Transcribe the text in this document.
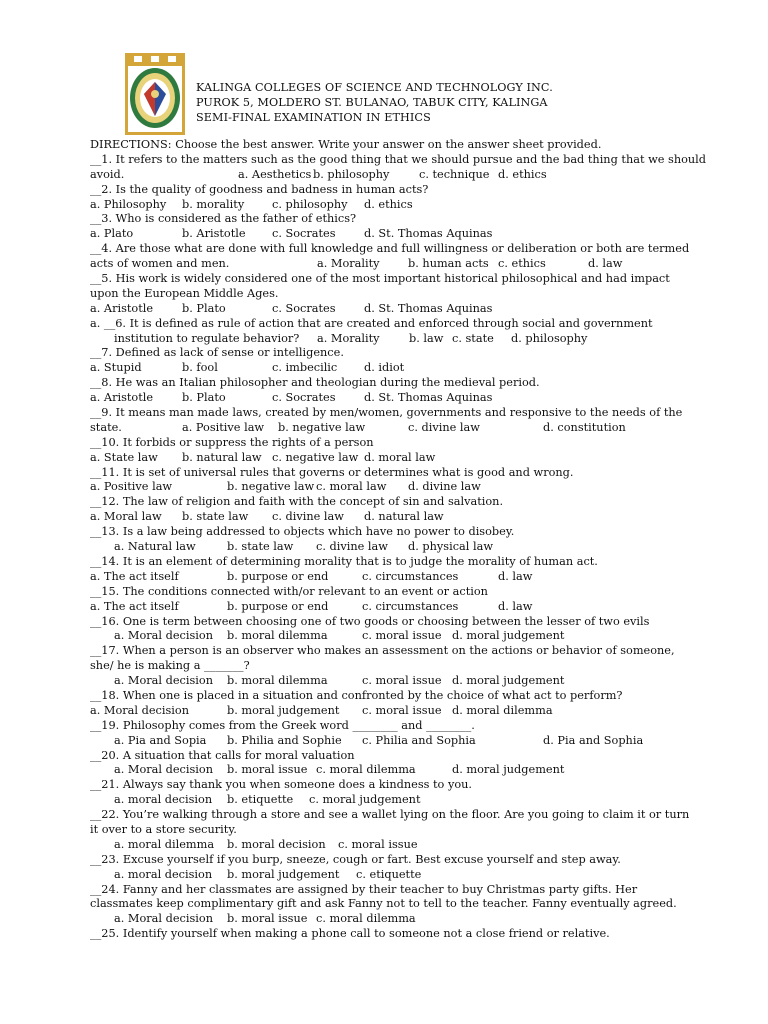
KALINGA COLLEGES OF SCIENCE AND TECHNOLOGY INC.
PUROK 5, MOLDERO ST. BULANAO, TABUK CITY, KALINGA
SEMI-FINAL EXAMINATION IN ETHICS
DIRECTIONS: Choose the best answer. Write your answer on the answer sheet provided.
__1. It refers to the matters such as the good thing that we should pursue and the bad thing that we should
avoid.	a. Aesthetics b. philosophy	c. technique d. ethics
__2. Is the quality of goodness and badness in human acts?
a. Philosophy b. morality c. philosophy d. ethics
__3. Who is considered as the father of ethics?
a. Plato	b. Aristotle c. Socrates	d. St. Thomas Aquinas
__4. Are those what are done with full knowledge and full willingness or deliberation or both are termed
acts of women and men.	a. Morality	b. human acts c. ethics	d. law
__5. His work is widely considered one of the most important historical philosophical and had impact
upon the European Middle Ages.
a. Aristotle	b. Plato	c. Socrates	d. St. Thomas Aquinas
a. __6. It is defined as rule of action that are created and enforced through social and government
institution to regulate behavior? a. Morality	b. law c. state d. philosophy
__7. Defined as lack of sense or intelligence.
a. Stupid	b. fool	c. imbecilic d. idiot
__8. He was an Italian philosopher and theologian during the medieval period.
a. Aristotle	b. Plato	c. Socrates	d. St. Thomas Aquinas
__9. It means man made laws, created by men/women, governments and responsive to the needs of the
state.	a. Positive law b. negative law	c. divine law	d. constitution
__10. It forbids or suppress the rights of a person
a. State law b. natural law c. negative law d. moral law
__11. It is set of universal rules that governs or determines what is good and wrong.
a. Positive law	b. negative law c. moral law d. divine law
__12. The law of religion and faith with the concept of sin and salvation.
a. Moral law b. state law c. divine law d. natural law
__13. Is a law being addressed to objects which have no power to disobey.
a. Natural law	b. state law c. divine law d. physical law
__14. It is an element of determining morality that is to judge the morality of human act.
a. The act itself	b. purpose or end	c. circumstances	d. law
__15. The conditions connected with/or relevant to an event or action
a. The act itself	b. purpose or end	c. circumstances	d. law
__16. One is term between choosing one of two goods or choosing between the lesser of two evils
a. Moral decision b. moral dilemma	c. moral issue d. moral judgement
__17. When a person is an observer who makes an assessment on the actions or behavior of someone,
she/ he is making a _______?
a. Moral decision b. moral dilemma	c. moral issue d. moral judgement
__18. When one is placed in a situation and confronted by the choice of what act to perform?
a. Moral decision	b. moral judgement c. moral issue d. moral dilemma
__19. Philosophy comes from the Greek word ________ and ________.
a. Pia and Sopia b. Philia and Sophie c. Philia and Sophia	d. Pia and Sophia
__20. A situation that calls for moral valuation
a. Moral decision b. moral issue c. moral dilemma	d. moral judgement
__21. Always say thank you when someone does a kindness to you.
a. moral decision b. etiquette c. moral judgement
__22. You’re walking through a store and see a wallet lying on the floor. Are you going to claim it or turn
it over to a store security.
a. moral dilemma b. moral decision c. moral issue
__23. Excuse yourself if you burp, sneeze, cough or fart. Best excuse yourself and step away.
a. moral decision b. moral judgement c. etiquette
__24. Fanny and her classmates are assigned by their teacher to buy Christmas party gifts. Her
classmates keep complimentary gift and ask Fanny not to tell to the teacher. Fanny eventually agreed.
a. Moral decision b. moral issue c. moral dilemma
__25. Identify yourself when making a phone call to someone not a close friend or relative.
